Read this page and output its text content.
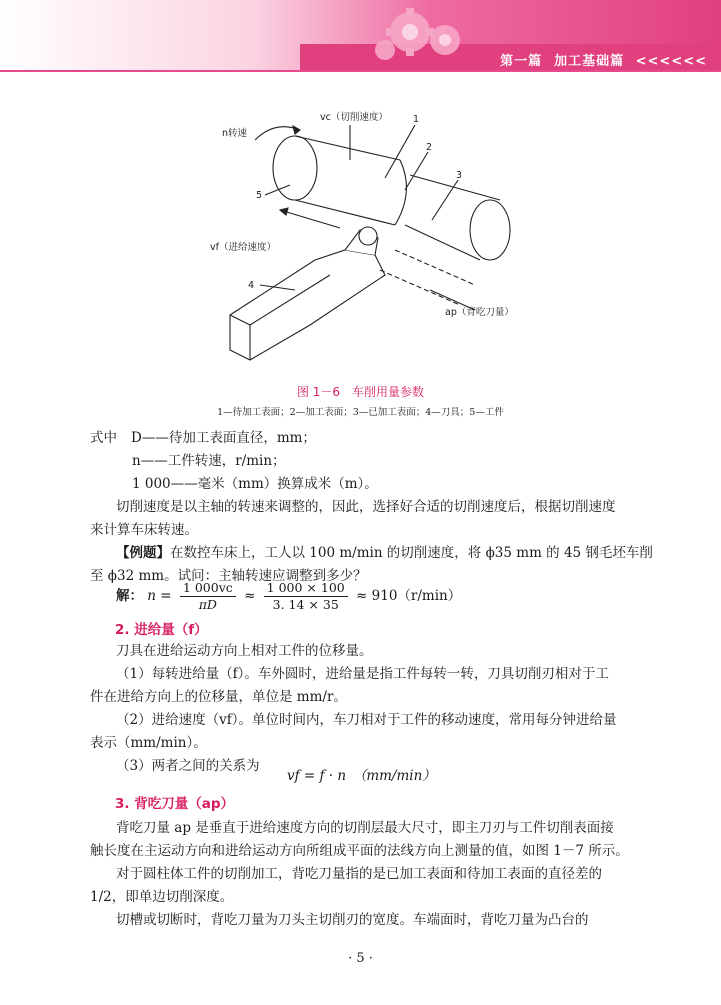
第一篇 加工基础篇 <<<<<<
vc（切削速度）
n转速
vf（进给速度）
ap（背吃刀量）
1
2
3
4
5
图 1－6　车削用量参数
1—待加工表面；2—加工表面；3—已加工表面；4—刀具；5—工件
式中 D——待加工表面直径，mm；
n——工件转速，r/min；
1 000——毫米（mm）换算成米（m）。
切削速度是以主轴的转速来调整的，因此，选择好合适的切削速度后，根据切削速度
来计算车床转速。
【例题】在数控车床上，工人以 100 m/min 的切削速度，将 ϕ35 mm 的 45 钢毛坯车削
至 ϕ32 mm。试问：主轴转速应调整到多少？
解： $n = \frac{1 000vc}{\pi D} \approx \frac{1 000 \times 100}{3. 14 \times 35} \approx 910(r/\min)$
2. 进给量（f）
刀具在进给运动方向上相对工件的位移量。
（1）每转进给量（f）。车外圆时，进给量是指工件每转一转，刀具切削刃相对于工
件在进给方向上的位移量，单位是 mm/r。
（2）进给速度（vf）。单位时间内，车刀相对于工件的移动速度，常用每分钟进给量
表示（mm/min）。
（3）两者之间的关系为
vf = f · n　（mm/min）
3. 背吃刀量（ap）
背吃刀量 ap 是垂直于进给速度方向的切削层最大尺寸，即主刀刃与工件切削表面接
触长度在主运动方向和进给运动方向所组成平面的法线方向上测量的值，如图 1－7 所示。
对于圆柱体工件的切削加工，背吃刀量指的是已加工表面和待加工表面的直径差的
1/2，即单边切削深度。
切槽或切断时，背吃刀量为刀头主切削刃的宽度。车端面时，背吃刀量为凸台的
· 5 ·
